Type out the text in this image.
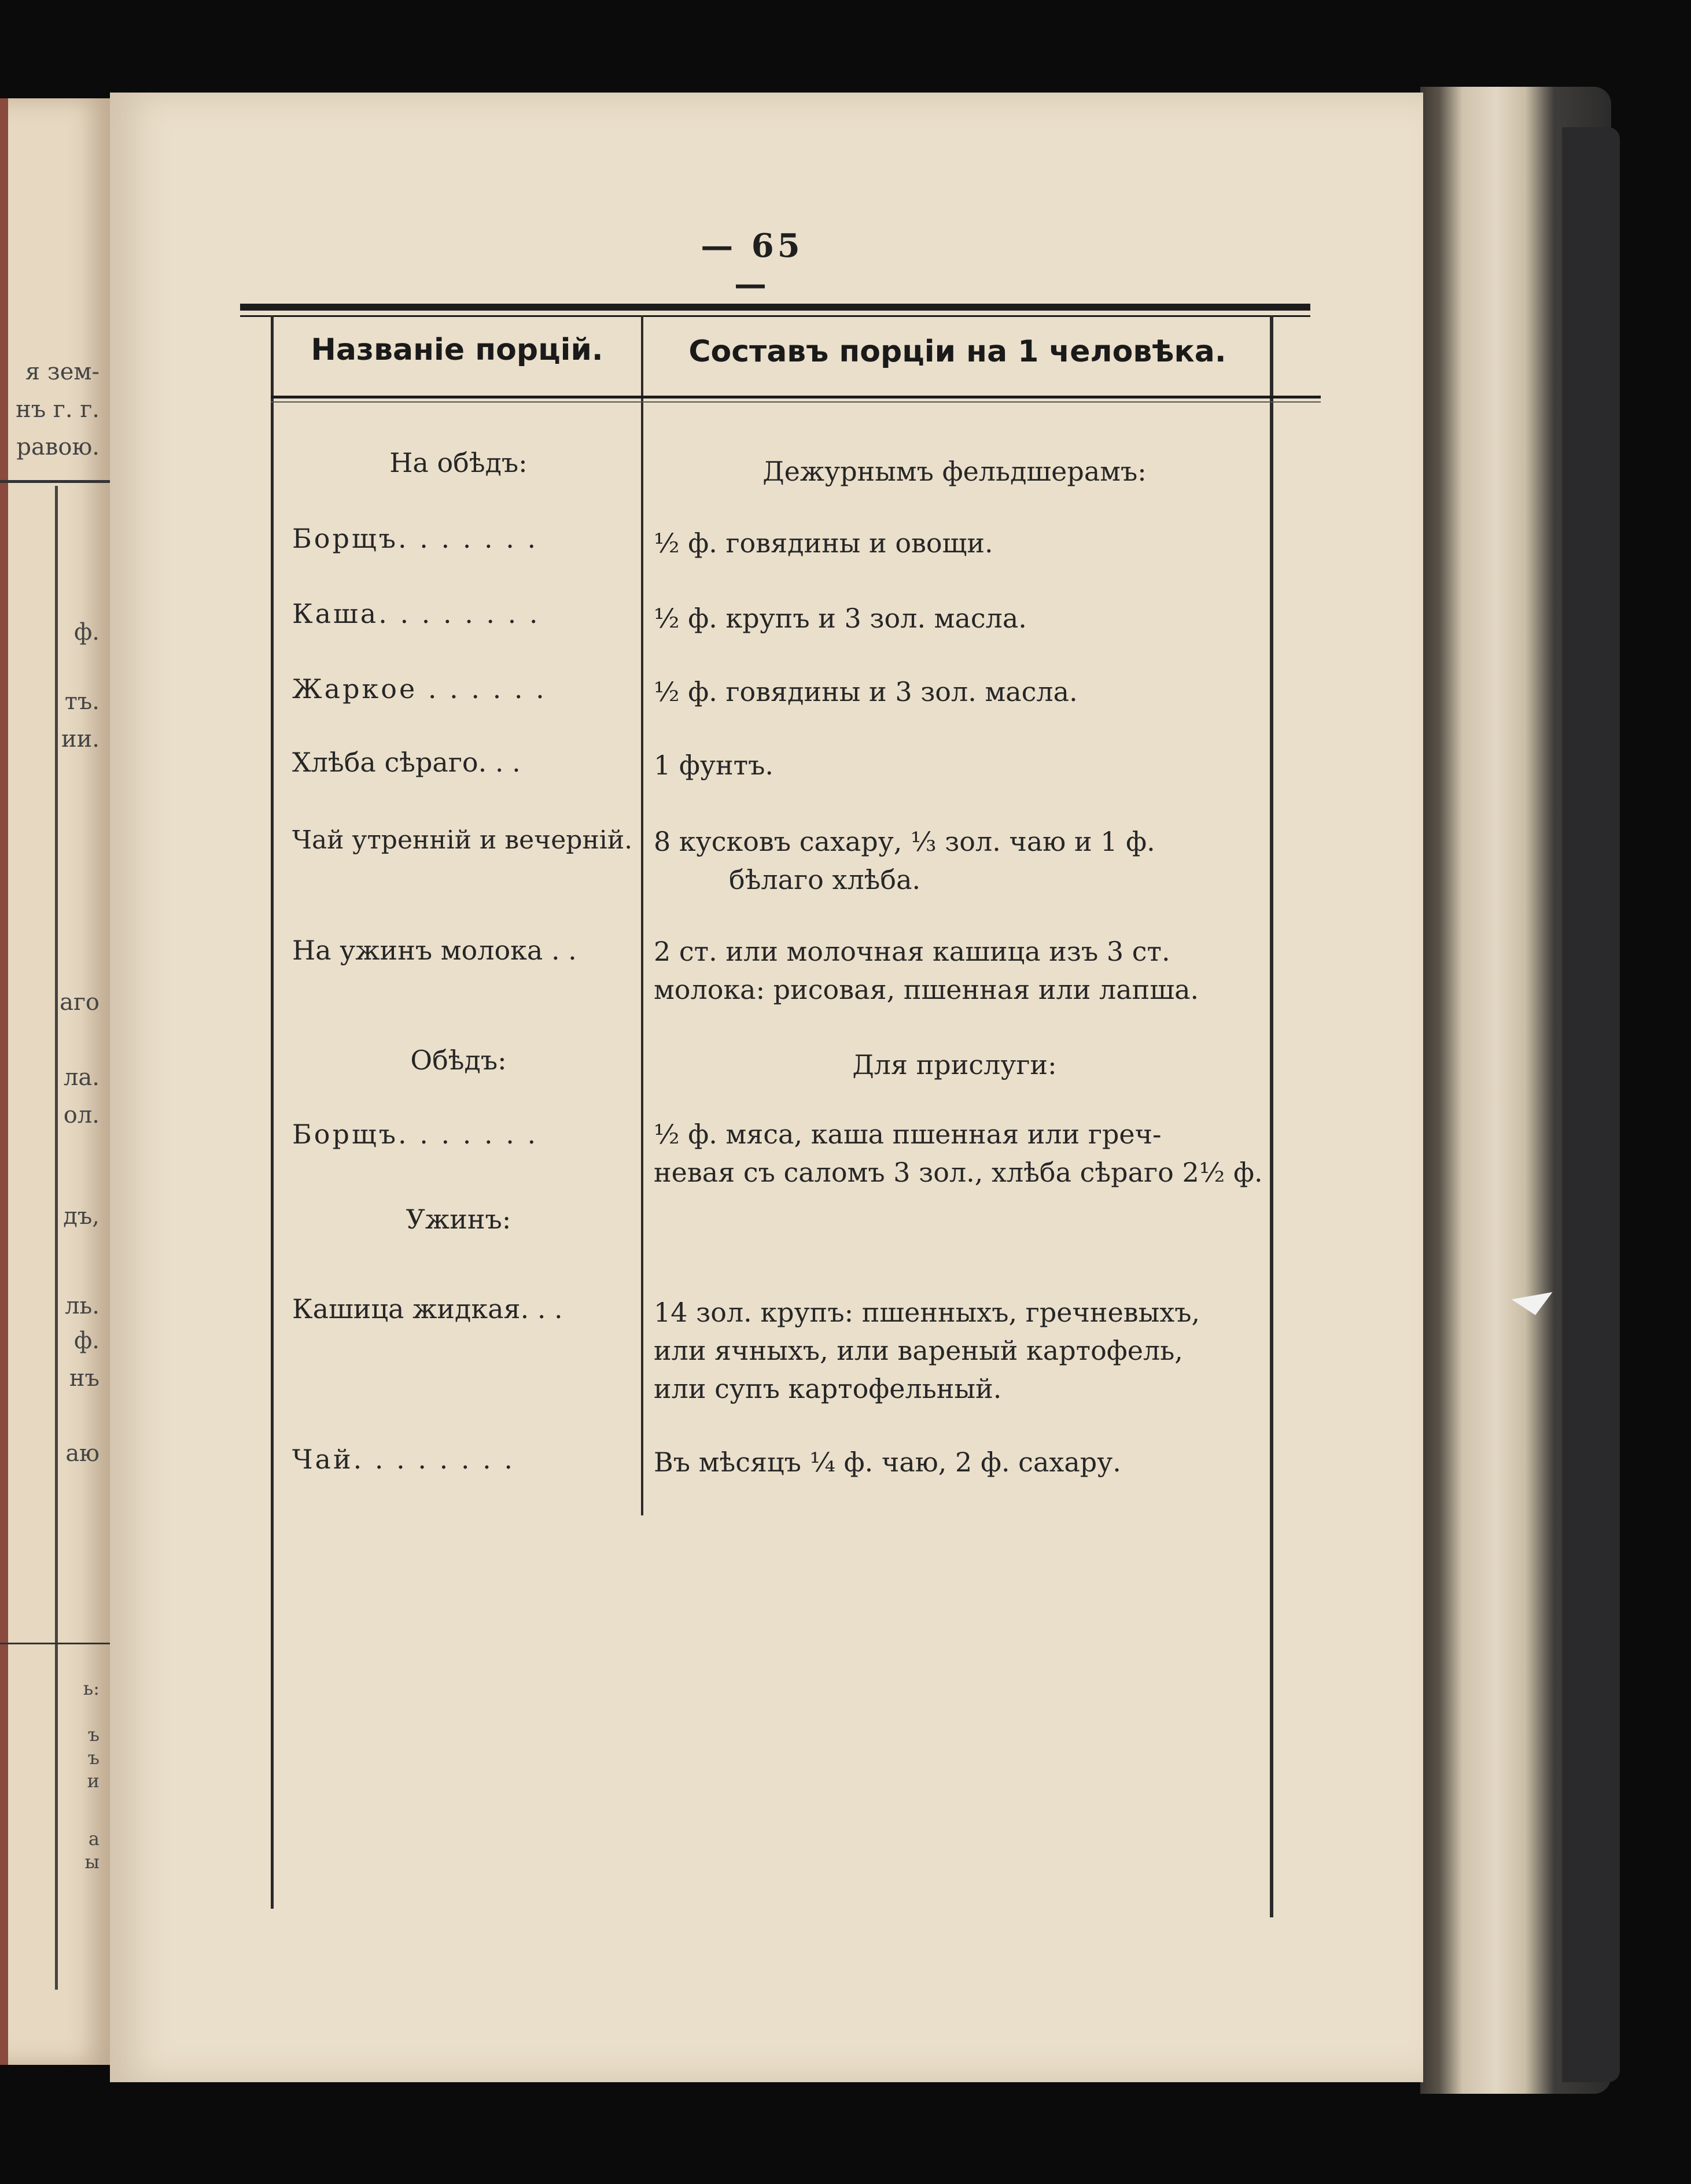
я зем-
нъ г. г.
равою.
ф.
тъ.
ии.
аго
ла.
ол.
дъ,
ль.
ф.
нъ
аю
ь:
ъ
ъ
и
а
ы
— 65 —
Названіе порцій.	Составъ порціи на 1 человѣка.
На обѣдъ:	Дежурнымъ фельдшерамъ:
Борщъ. . . . . . .	½ ф. говядины и овощи.
Каша. . . . . . . .	½ ф. крупъ и 3 зол. масла.
Жаркое . . . . . .	½ ф. говядины и 3 зол. масла.
Хлѣба сѣраго. . .	1 фунтъ.
Чай утренній и вечерній. 8 кусковъ сахару, ⅓ зол. чаю и 1 ф.
бѣлаго хлѣба.
На ужинъ молока . .	2 ст. или молочная кашица изъ 3 ст.
молока: рисовая, пшенная или лапша.
Обѣдъ:	Для прислуги:
Борщъ. . . . . . .	½ ф. мяса, каша пшенная или греч-
невая съ саломъ 3 зол., хлѣба сѣраго 2½ ф.
Ужинъ:
Кашица жидкая. . .	14 зол. крупъ: пшенныхъ, гречневыхъ,
или ячныхъ, или вареный картофель,
или супъ картофельный.
Чай. . . . . . . .	Въ мѣсяцъ ¼ ф. чаю, 2 ф. сахару.
